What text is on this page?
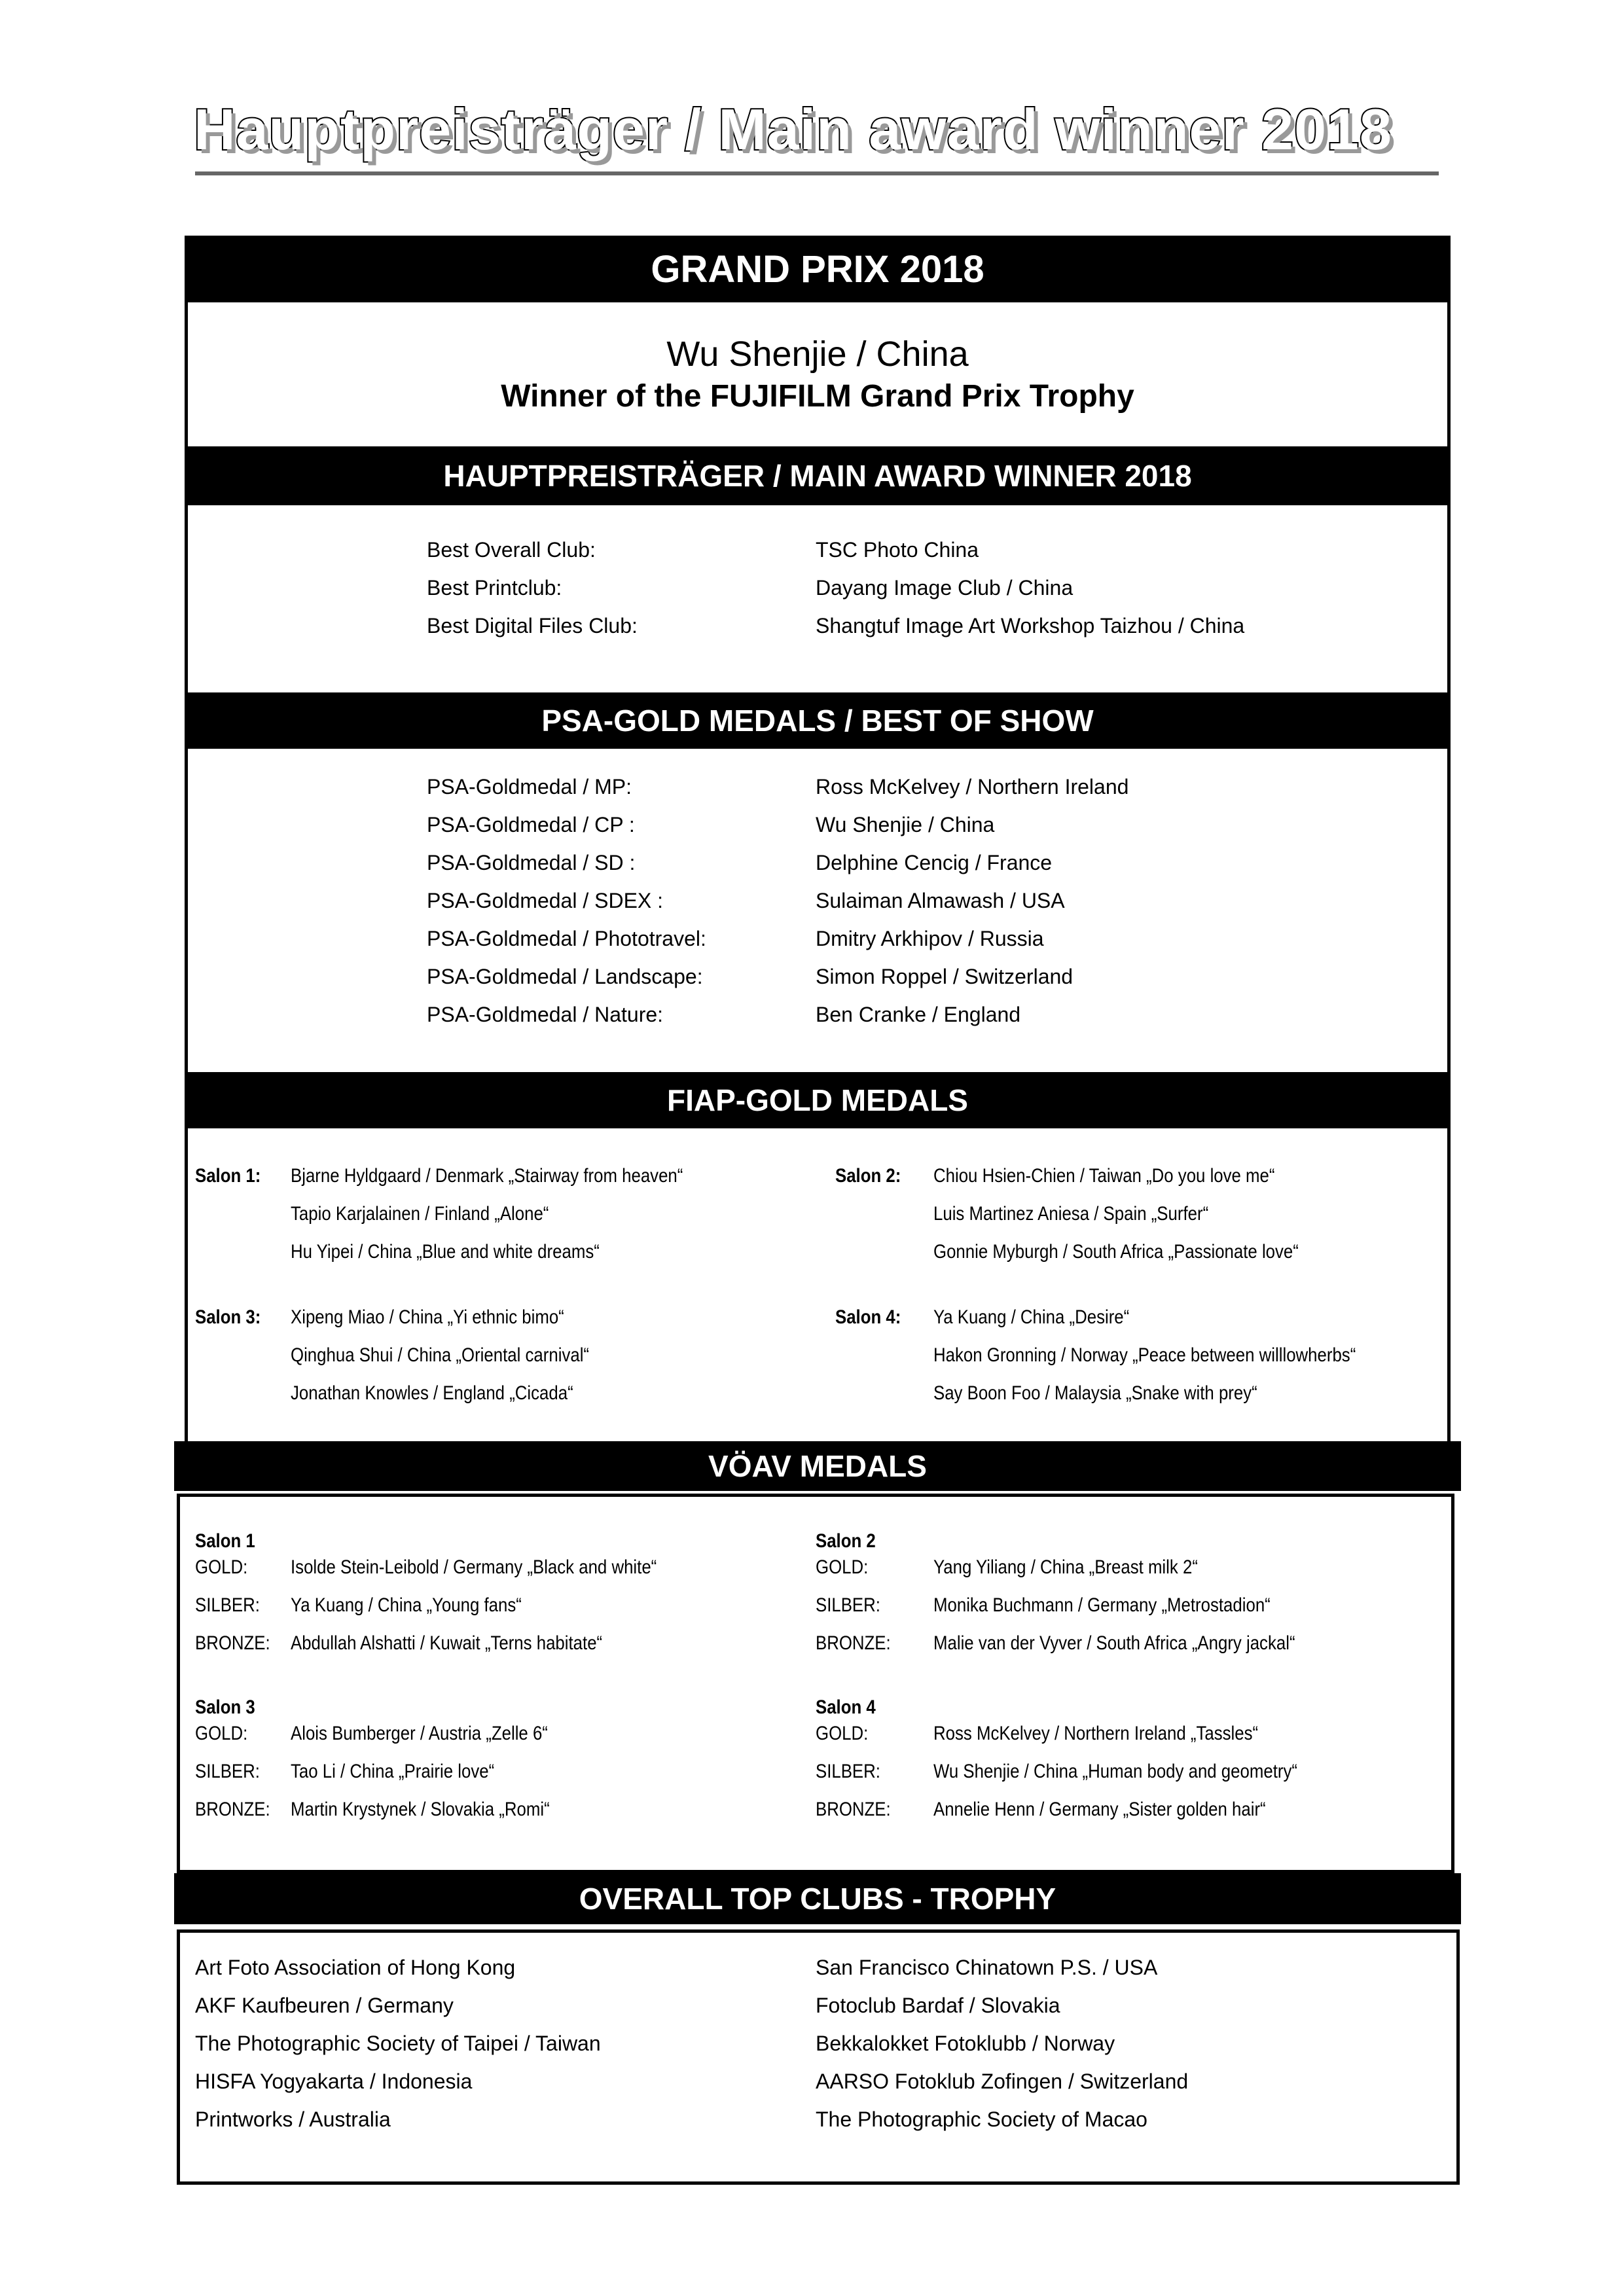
Hauptpreisträger / Main award winner 2018
GRAND PRIX 2018
Wu Shenjie / China
Winner of the FUJIFILM Grand Prix Trophy
HAUPTPREISTRÄGER / MAIN AWARD WINNER 2018
Best Overall Club:	TSC Photo China
Best Printclub:	Dayang Image Club / China
Best Digital Files Club:	Shangtuf Image Art Workshop Taizhou / China
PSA-GOLD MEDALS / BEST OF SHOW
PSA-Goldmedal / MP:	Ross McKelvey / Northern Ireland
PSA-Goldmedal / CP :	Wu Shenjie / China
PSA-Goldmedal / SD :	Delphine Cencig / France
PSA-Goldmedal / SDEX :	Sulaiman Almawash / USA
PSA-Goldmedal / Phototravel:	Dmitry Arkhipov / Russia
PSA-Goldmedal / Landscape:	Simon Roppel / Switzerland
PSA-Goldmedal / Nature:	Ben Cranke / England
FIAP-GOLD MEDALS
Salon 1: Bjarne Hyldgaard / Denmark „Stairway from heaven“
Tapio Karjalainen / Finland „Alone“
Hu Yipei / China „Blue and white dreams“
Salon 2: Chiou Hsien-Chien / Taiwan „Do you love me“
Luis Martinez Aniesa / Spain „Surfer“
Gonnie Myburgh / South Africa „Passionate love“
Salon 3: Xipeng Miao / China „Yi ethnic bimo“
Qinghua Shui / China „Oriental carnival“
Jonathan Knowles / England „Cicada“
Salon 4: Ya Kuang / China „Desire“
Hakon Gronning / Norway „Peace between willlowherbs“
Say Boon Foo / Malaysia „Snake with prey“
VÖAV MEDALS
Salon 1
GOLD: Isolde Stein-Leibold / Germany „Black and white“
SILBER: Ya Kuang / China „Young fans“
BRONZE: Abdullah Alshatti / Kuwait „Terns habitate“
Salon 2
GOLD:	Yang Yiliang / China „Breast milk 2“
SILBER:	Monika Buchmann / Germany „Metrostadion“
BRONZE: Malie van der Vyver / South Africa „Angry jackal“
Salon 3
GOLD: Alois Bumberger / Austria „Zelle 6“
SILBER: Tao Li / China „Prairie love“
BRONZE: Martin Krystynek / Slovakia „Romi“
Salon 4
GOLD:	Ross McKelvey / Northern Ireland „Tassles“
SILBER:	Wu Shenjie / China „Human body and geometry“
BRONZE: Annelie Henn / Germany „Sister golden hair“
OVERALL TOP CLUBS - TROPHY
Art Foto Association of Hong Kong
AKF Kaufbeuren / Germany
The Photographic Society of Taipei / Taiwan
HISFA Yogyakarta / Indonesia
Printworks / Australia
San Francisco Chinatown P.S. / USA
Fotoclub Bardaf / Slovakia
Bekkalokket Fotoklubb / Norway
AARSO Fotoklub Zofingen / Switzerland
The Photographic Society of Macao
